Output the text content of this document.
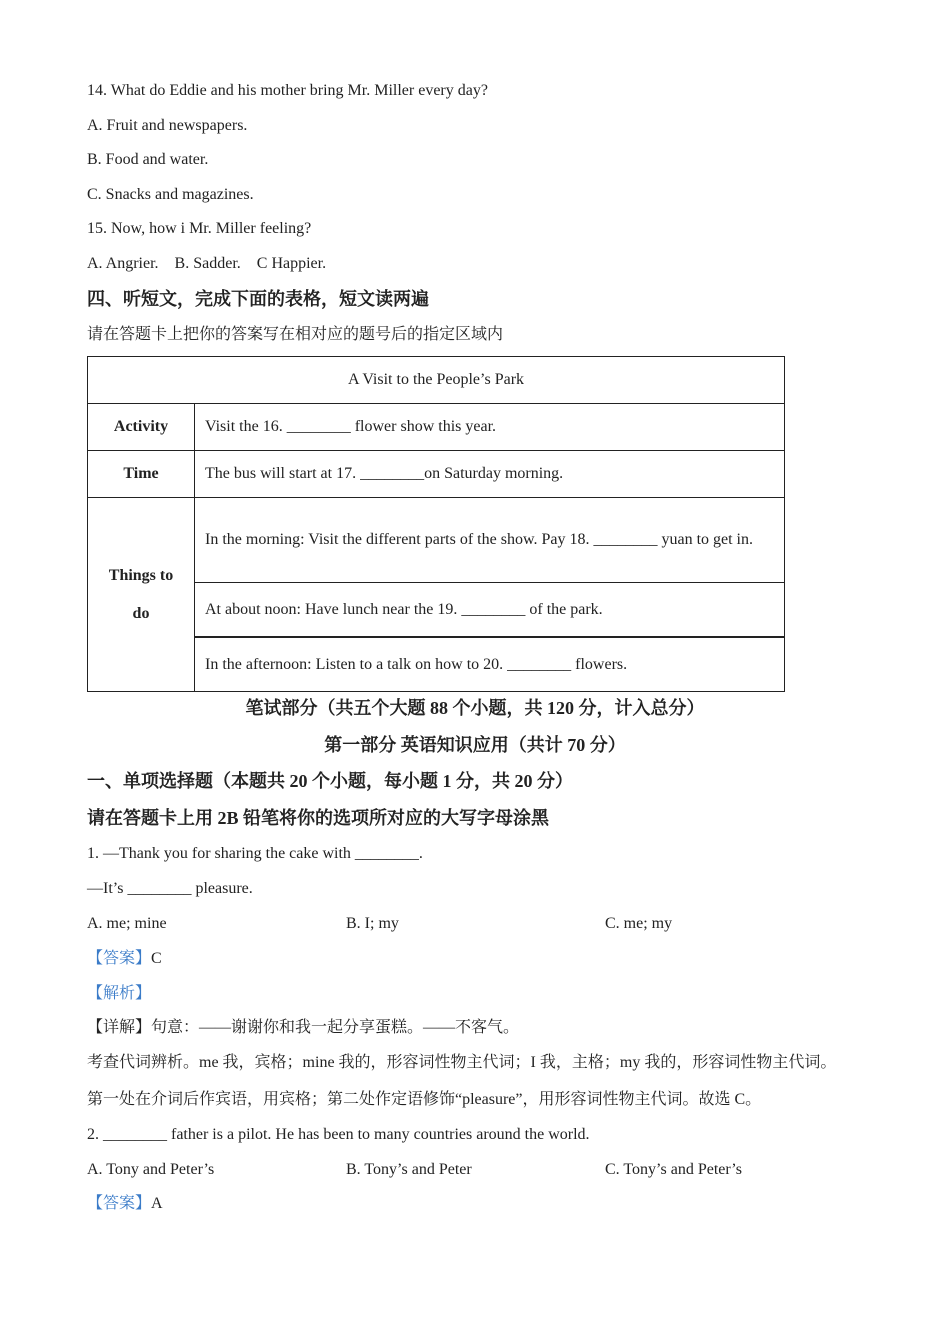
14. What do Eddie and his mother bring Mr. Miller every day?
A. Fruit and newspapers.
B. Food and water.
C. Snacks and magazines.
15. Now, how i Mr. Miller feeling?
A. Angrier.    B. Sadder.    C Happier.
四、听短文，完成下面的表格，短文读两遍
请在答题卡上把你的答案写在相对应的题号后的指定区域内
A Visit to the People’s Park	
Activity	Visit the 16. ________ flower show this year.
Time	The bus will start at 17. ________on Saturday morning.

Things to
do	In the morning: Visit the different parts of the show. Pay 18. ________ yuan to get in.

	At about noon: Have lunch near the 19. ________ of the park.
	In the afternoon: Listen to a talk on how to 20. ________ flowers.
笔试部分（共五个大题 88 个小题，共 120 分，计入总分）
第一部分 英语知识应用（共计 70 分）
一、单项选择题（本题共 20 个小题，每小题 1 分，共 20 分）
请在答题卡上用 2B 铅笔将你的选项所对应的大写字母涂黑
1. —Thank you for sharing the cake with ________.
—It’s ________ pleasure.
A. me; mine	B. I; my	C. me; my
【答案】C
【解析】
【详解】句意：——谢谢你和我一起分享蛋糕。——不客气。
考查代词辨析。me 我，宾格；mine 我的，形容词性物主代词；I 我，主格；my 我的，形容词性物主代词。
第一处在介词后作宾语，用宾格；第二处作定语修饰“pleasure”，用形容词性物主代词。故选 C。
2. ________ father is a pilot. He has been to many countries around the world.
A. Tony and Peter’s	B. Tony’s and Peter	C. Tony’s and Peter’s
【答案】A
